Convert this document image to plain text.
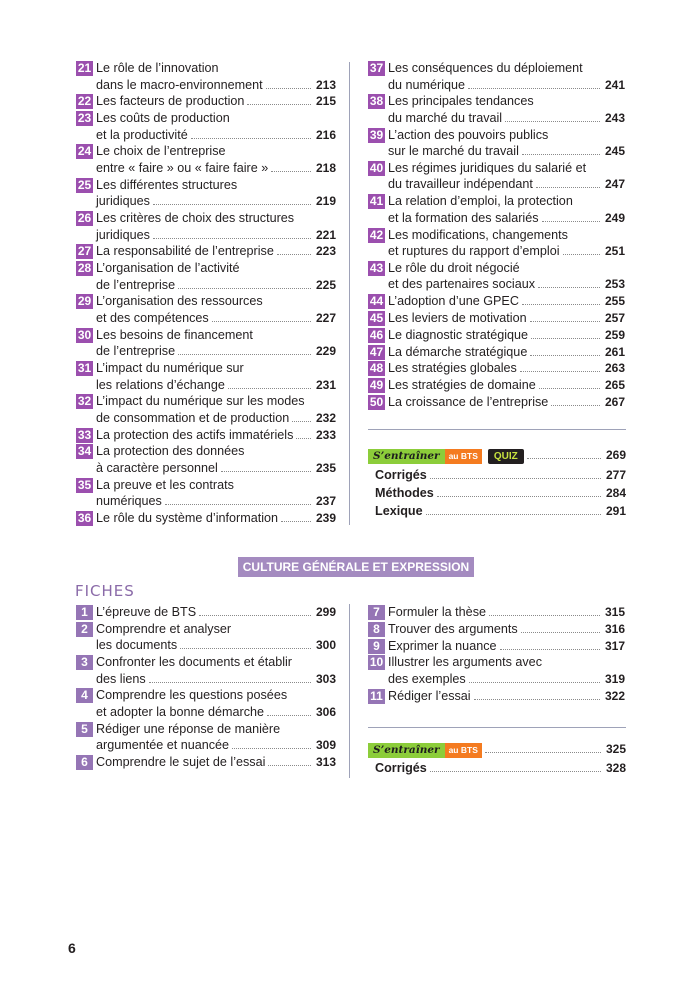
21 Le rôle de l’innovation
dans le macro-environnement	213
22 Les facteurs de production	215
23 Les coûts de production
et la productivité	216
24 Le choix de l’entreprise
entre « faire » ou « faire faire »	218
25 Les différentes structures
juridiques	219
26 Les critères de choix des structures
juridiques	221
27 La responsabilité de l’entreprise	223
28 L’organisation de l’activité
de l’entreprise	225
29 L’organisation des ressources
et des compétences	227
30 Les besoins de financement
de l’entreprise	229
31 L’impact du numérique sur
les relations d’échange	231
32 L’impact du numérique sur les modes
de consommation et de production 232
33 La protection des actifs immatériels 233
34 La protection des données
à caractère personnel	235
35 La preuve et les contrats
numériques	237
36 Le rôle du système d’information	239
37 Les conséquences du déploiement
du numérique	241
38 Les principales tendances
du marché du travail	243
39 L’action des pouvoirs publics
sur le marché du travail	245
40 Les régimes juridiques du salarié et
du travailleur indépendant	247
41 La relation d’emploi, la protection
et la formation des salariés	249
42 Les modifications, changements
et ruptures du rapport d’emploi	251
43 Le rôle du droit négocié
et des partenaires sociaux	253
44 L’adoption d’une GPEC	255
45 Les leviers de motivation	257
46 Le diagnostic stratégique	259
47 La démarche stratégique	261
48 Les stratégies globales	263
49 Les stratégies de domaine	265
50 La croissance de l’entreprise	267
S’entraîner	au BTS	QUIZ	269
Corrigés	277
Méthodes	284
Lexique	291
CULTURE GÉNÉRALE ET EXPRESSION
FICHES
1 L’épreuve de BTS	299
2 Comprendre et analyser
les documents	300
3 Confronter les documents et établir
des liens	303
4 Comprendre les questions posées
et adopter la bonne démarche	306
5 Rédiger une réponse de manière
argumentée et nuancée	309
6 Comprendre le sujet de l’essai	313
7 Formuler la thèse	315
8 Trouver des arguments	316
9 Exprimer la nuance	317
10 Illustrer les arguments avec
des exemples	319
11 Rédiger l’essai	322
S’entraîner	au BTS	325
Corrigés	328
6
